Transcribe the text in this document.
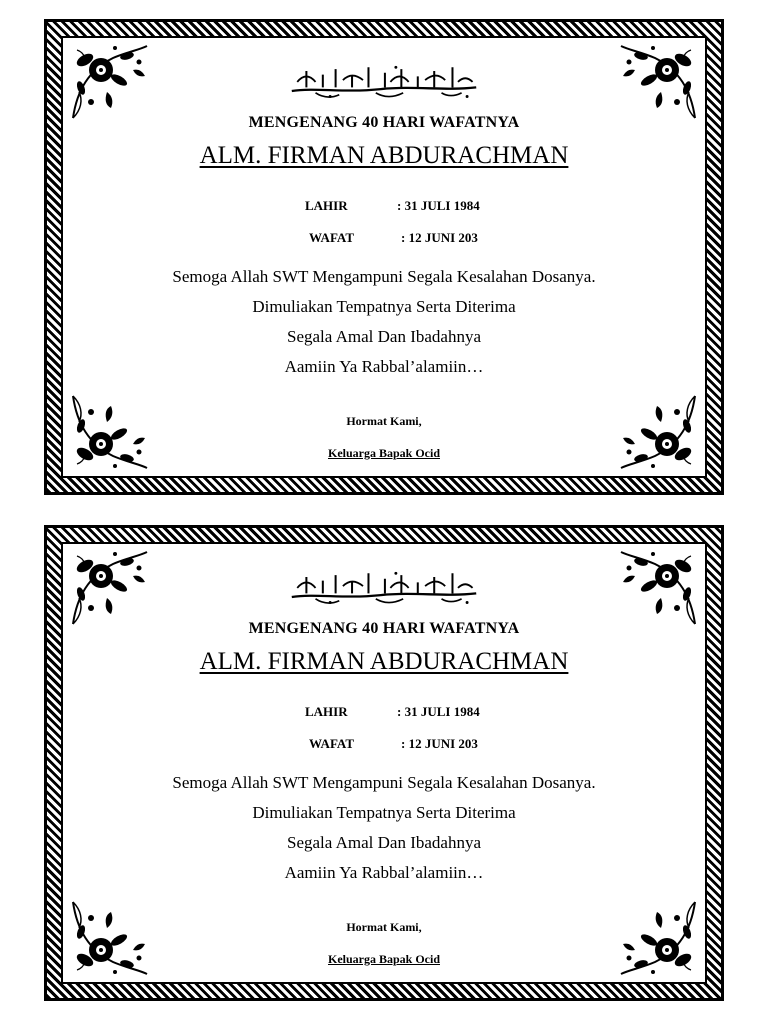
MENGENANG 40 HARI WAFATNYA
ALM. FIRMAN ABDURACHMAN
LAHIR	: 31 JULI 1984
WAFAT	: 12 JUNI 203
Semoga Allah SWT Mengampuni Segala Kesalahan Dosanya.
Dimuliakan Tempatnya Serta Diterima
Segala Amal Dan Ibadahnya
Aamiin Ya Rabbal’alamiin…
Hormat Kami,
Keluarga Bapak Ocid
MENGENANG 40 HARI WAFATNYA
ALM. FIRMAN ABDURACHMAN
LAHIR	: 31 JULI 1984
WAFAT	: 12 JUNI 203
Semoga Allah SWT Mengampuni Segala Kesalahan Dosanya.
Dimuliakan Tempatnya Serta Diterima
Segala Amal Dan Ibadahnya
Aamiin Ya Rabbal’alamiin…
Hormat Kami,
Keluarga Bapak Ocid
